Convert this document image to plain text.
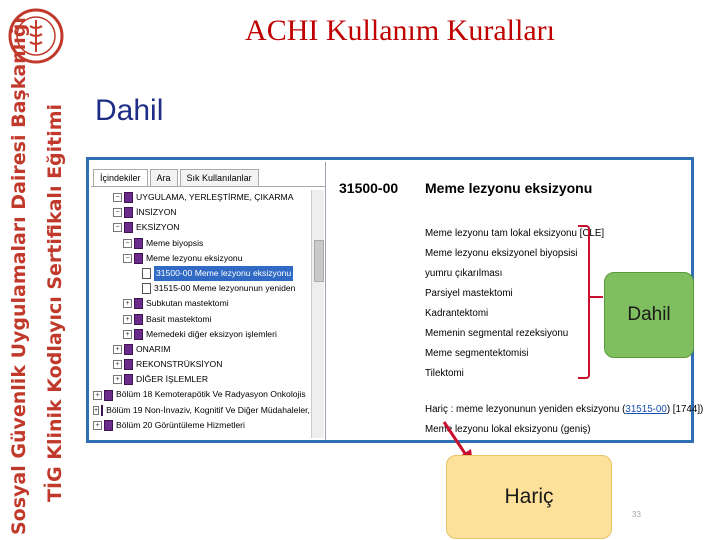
Sosyal Güvenlik Uygulamaları Dairesi Başkanlığı TİG Klinik Kodlayıcı Sertifikalı Eğitimi
ACHI Kullanım Kuralları
Dahil
İçindekiler	Ara	Sık Kullanılanlar
− UYGULAMA, YERLEŞTİRME, ÇIKARMA
− İNSİZYON
− EKSİZYON
− Meme biyopsis
− Meme lezyonu eksizyonu
31500-00 Meme lezyonu eksizyonu
31515-00 Meme lezyonunun yeniden
+ Subkutan mastektomi
+ Basit mastektomi
+ Memedeki diğer eksizyon işlemleri
+ ONARIM
+ REKONSTRÜKSİYON
+ DİĞER İŞLEMLER
+ Bölüm 18 Kemoterapötik Ve Radyasyon Onkolojis
+ Bölüm 19 Non-İnvaziv, Kognitif Ve Diğer Müdahaleler,
+ Bölüm 20 Görüntüleme Hizmetleri
31500-00 Meme lezyonu eksizyonu
Meme lezyonu tam lokal eksizyonu [CLE]
Meme lezyonu eksizyonel biyopsisi
yumru çıkarılması
Parsiyel mastektomi
Kadrantektomi
Memenin segmental rezeksiyonu
Meme segmentektomisi
Tilektomi
Hariç : meme lezyonunun yeniden eksizyonu (31515-00) [1744])
Meme lezyonu lokal eksizyonu (geniş)
Dahil
Hariç
33
